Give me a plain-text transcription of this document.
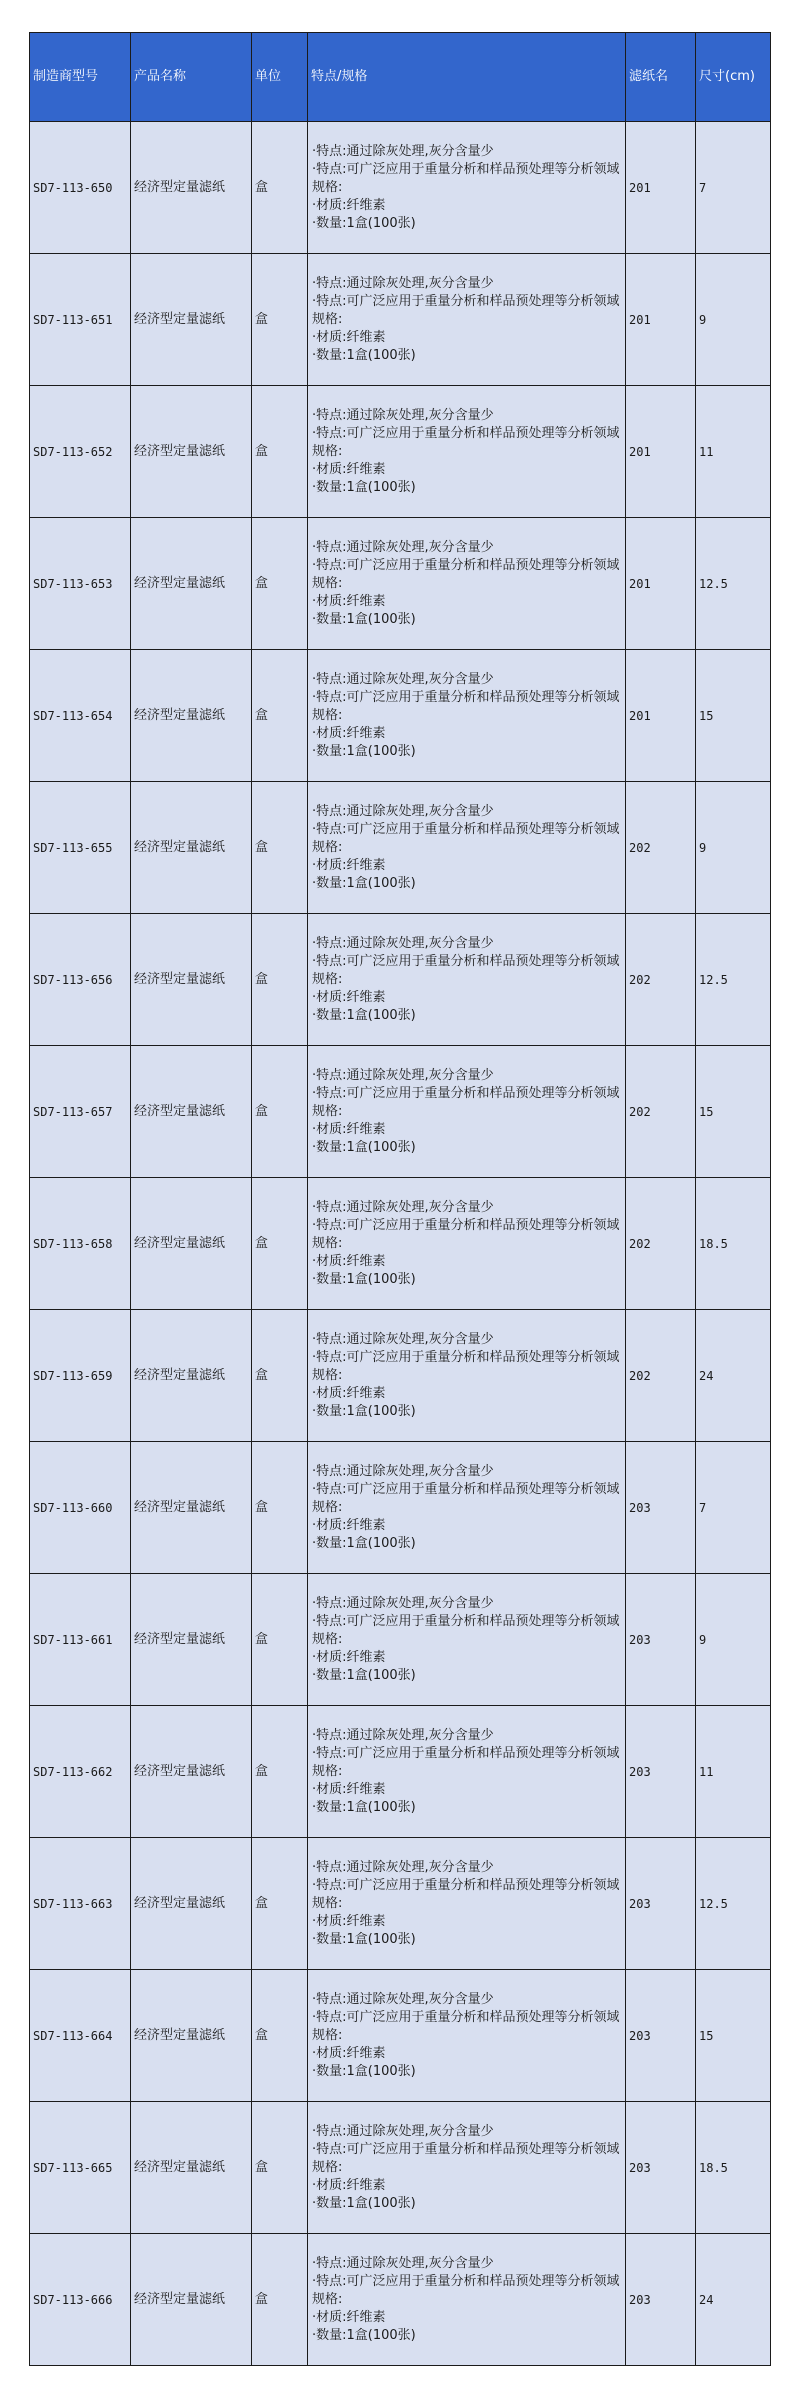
制造商型号	产品名称	单位	特点/规格	滤纸名	尺寸(cm)
SD7-113-650	经济型定量滤纸	盒	·特点:通过除灰处理,灰分含量少
·特点:可广泛应用于重量分析和样品预处理等分析领域
规格:
·材质:纤维素
·数量:1盒(100张)	201	7
SD7-113-651	经济型定量滤纸	盒	·特点:通过除灰处理,灰分含量少
·特点:可广泛应用于重量分析和样品预处理等分析领域
规格:
·材质:纤维素
·数量:1盒(100张)	201	9
SD7-113-652	经济型定量滤纸	盒	·特点:通过除灰处理,灰分含量少
·特点:可广泛应用于重量分析和样品预处理等分析领域
规格:
·材质:纤维素
·数量:1盒(100张)	201	11
SD7-113-653	经济型定量滤纸	盒	·特点:通过除灰处理,灰分含量少
·特点:可广泛应用于重量分析和样品预处理等分析领域
规格:
·材质:纤维素
·数量:1盒(100张)	201	12.5
SD7-113-654	经济型定量滤纸	盒	·特点:通过除灰处理,灰分含量少
·特点:可广泛应用于重量分析和样品预处理等分析领域
规格:
·材质:纤维素
·数量:1盒(100张)	201	15
SD7-113-655	经济型定量滤纸	盒	·特点:通过除灰处理,灰分含量少
·特点:可广泛应用于重量分析和样品预处理等分析领域
规格:
·材质:纤维素
·数量:1盒(100张)	202	9
SD7-113-656	经济型定量滤纸	盒	·特点:通过除灰处理,灰分含量少
·特点:可广泛应用于重量分析和样品预处理等分析领域
规格:
·材质:纤维素
·数量:1盒(100张)	202	12.5
SD7-113-657	经济型定量滤纸	盒	·特点:通过除灰处理,灰分含量少
·特点:可广泛应用于重量分析和样品预处理等分析领域
规格:
·材质:纤维素
·数量:1盒(100张)	202	15
SD7-113-658	经济型定量滤纸	盒	·特点:通过除灰处理,灰分含量少
·特点:可广泛应用于重量分析和样品预处理等分析领域
规格:
·材质:纤维素
·数量:1盒(100张)	202	18.5
SD7-113-659	经济型定量滤纸	盒	·特点:通过除灰处理,灰分含量少
·特点:可广泛应用于重量分析和样品预处理等分析领域
规格:
·材质:纤维素
·数量:1盒(100张)	202	24
SD7-113-660	经济型定量滤纸	盒	·特点:通过除灰处理,灰分含量少
·特点:可广泛应用于重量分析和样品预处理等分析领域
规格:
·材质:纤维素
·数量:1盒(100张)	203	7
SD7-113-661	经济型定量滤纸	盒	·特点:通过除灰处理,灰分含量少
·特点:可广泛应用于重量分析和样品预处理等分析领域
规格:
·材质:纤维素
·数量:1盒(100张)	203	9
SD7-113-662	经济型定量滤纸	盒	·特点:通过除灰处理,灰分含量少
·特点:可广泛应用于重量分析和样品预处理等分析领域
规格:
·材质:纤维素
·数量:1盒(100张)	203	11
SD7-113-663	经济型定量滤纸	盒	·特点:通过除灰处理,灰分含量少
·特点:可广泛应用于重量分析和样品预处理等分析领域
规格:
·材质:纤维素
·数量:1盒(100张)	203	12.5
SD7-113-664	经济型定量滤纸	盒	·特点:通过除灰处理,灰分含量少
·特点:可广泛应用于重量分析和样品预处理等分析领域
规格:
·材质:纤维素
·数量:1盒(100张)	203	15
SD7-113-665	经济型定量滤纸	盒	·特点:通过除灰处理,灰分含量少
·特点:可广泛应用于重量分析和样品预处理等分析领域
规格:
·材质:纤维素
·数量:1盒(100张)	203	18.5
SD7-113-666	经济型定量滤纸	盒	·特点:通过除灰处理,灰分含量少
·特点:可广泛应用于重量分析和样品预处理等分析领域
规格:
·材质:纤维素
·数量:1盒(100张)	203	24
